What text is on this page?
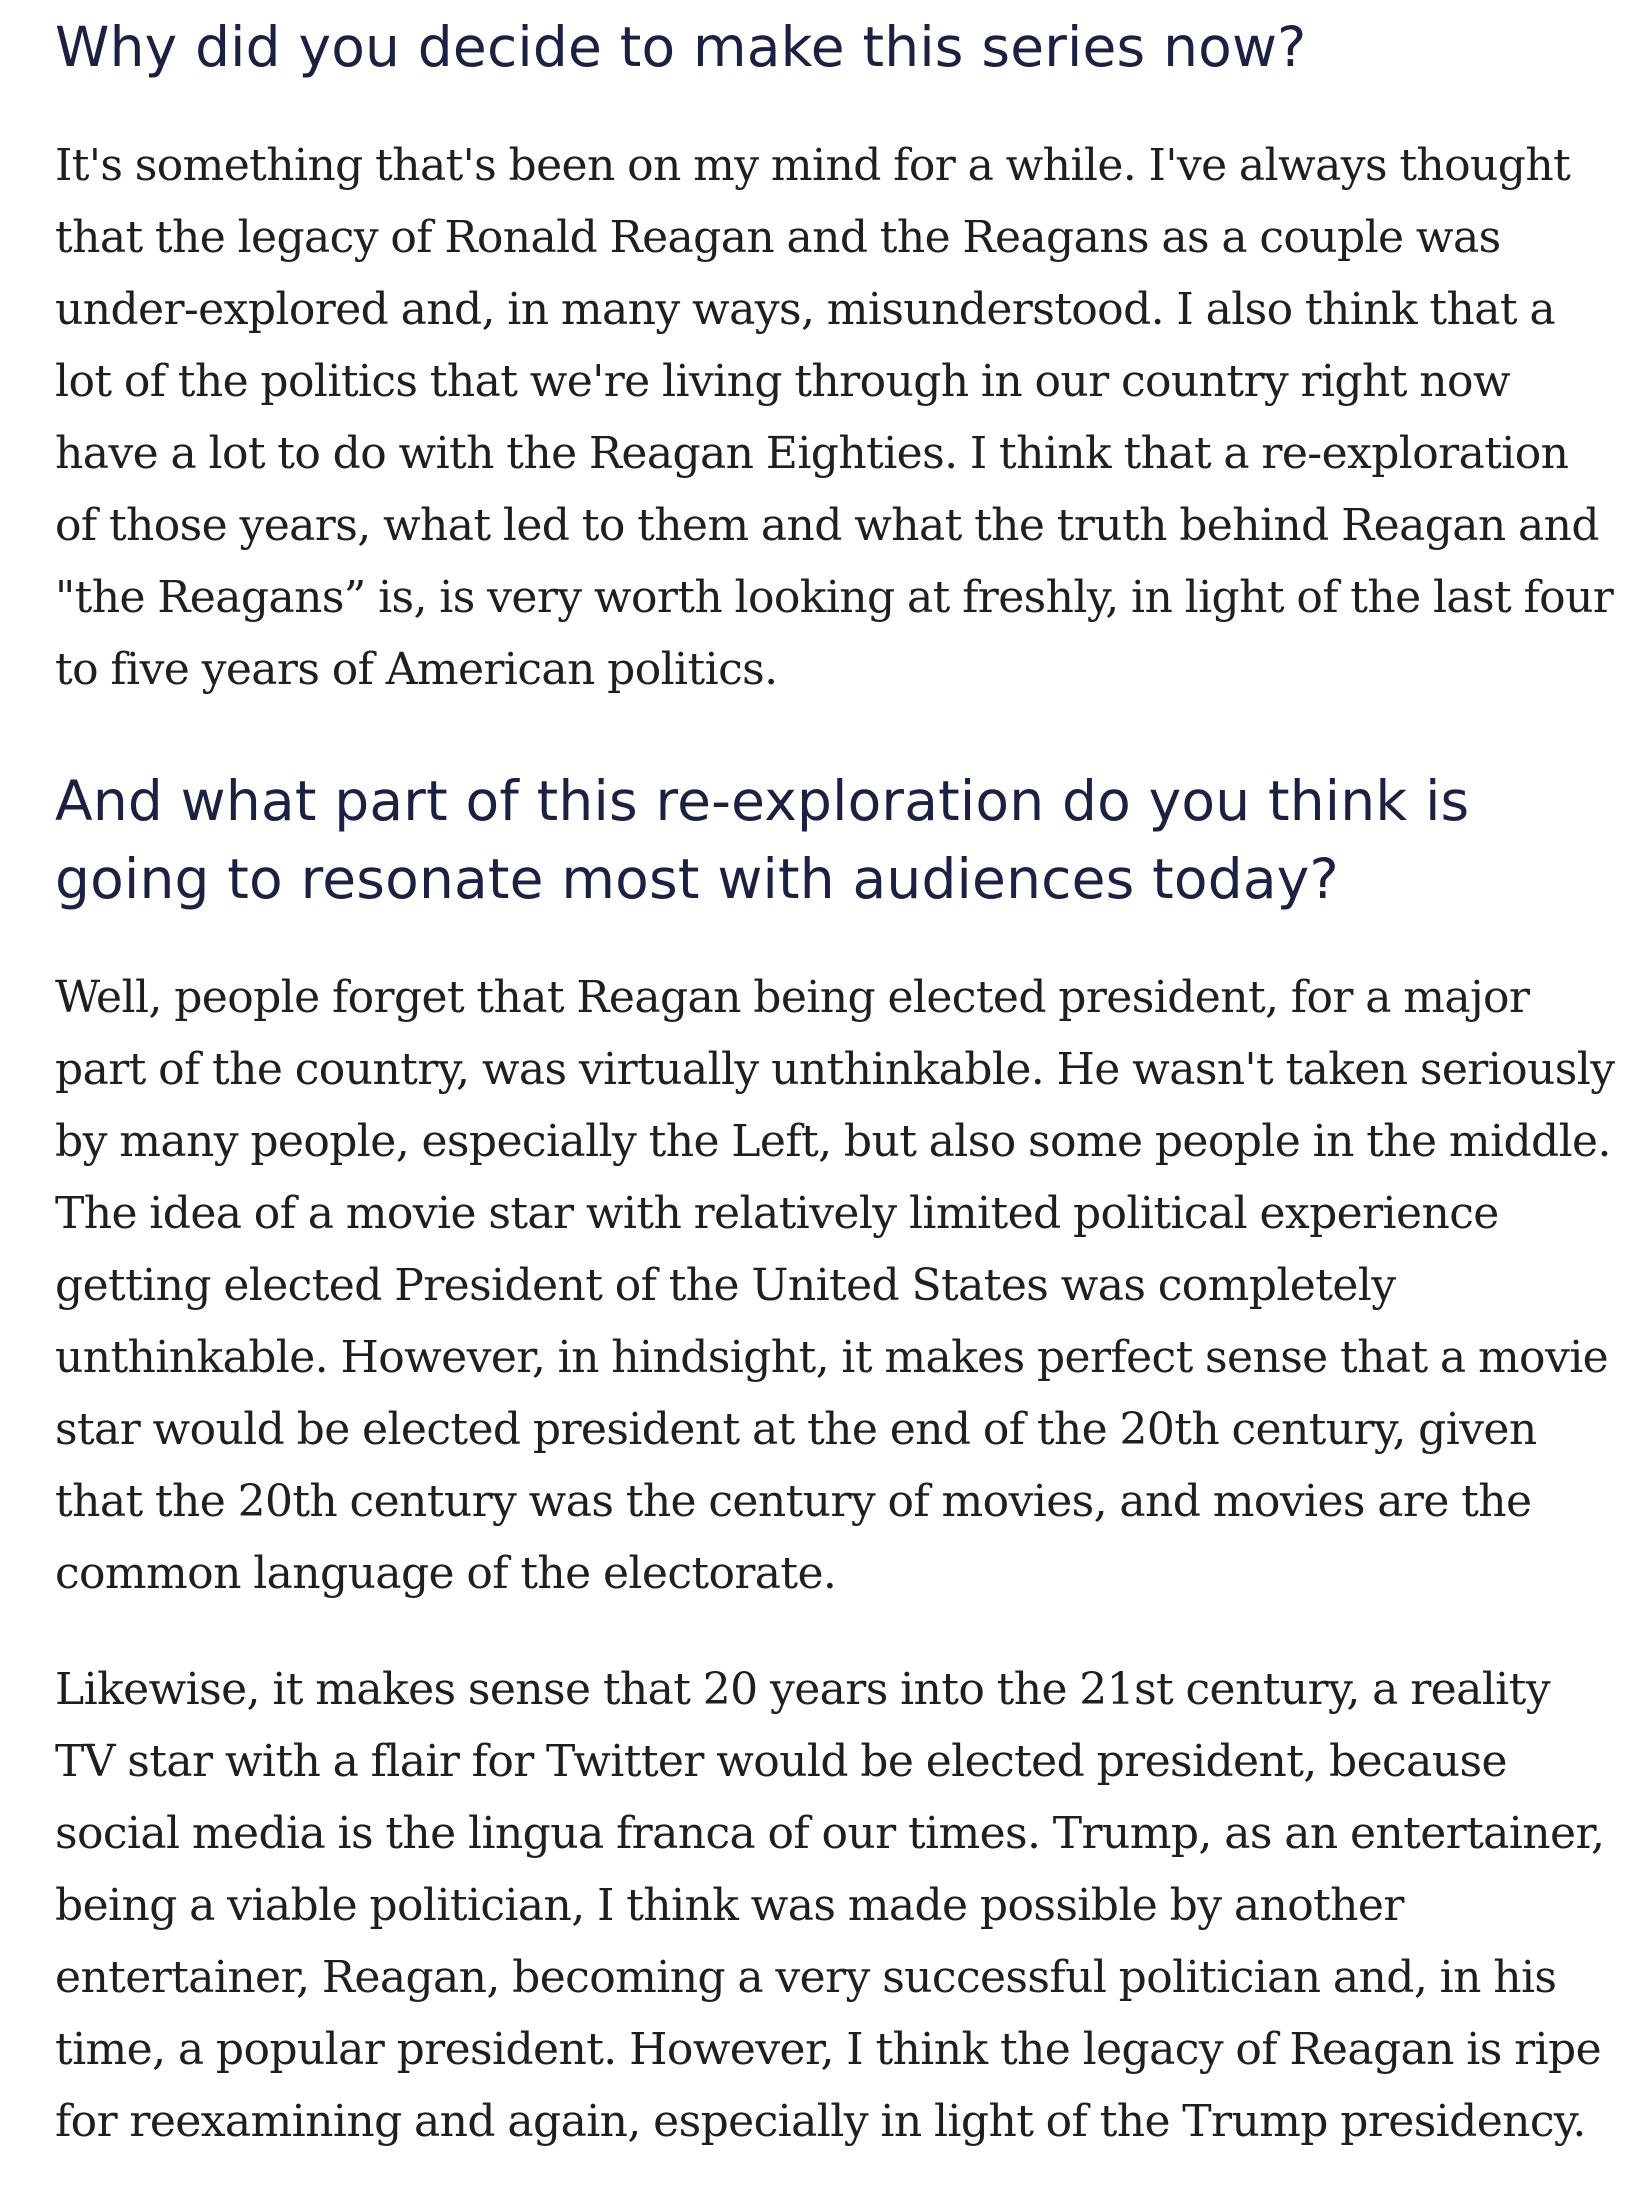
Why did you decide to make this series now?

It's something that's been on my mind for a while. I've always thought that the legacy of Ronald Reagan and the Reagans as a couple was under-explored and, in many ways, misunderstood. I also think that a lot of the politics that we're living through in our country right now have a lot to do with the Reagan Eighties. I think that a re-exploration of those years, what led to them and what the truth behind Reagan and "the Reagans” is, is very worth looking at freshly, in light of the last four to five years of American politics.

And what part of this re-exploration do you think is going to resonate most with audiences today?

Well, people forget that Reagan being elected president, for a major part of the country, was virtually unthinkable. He wasn't taken seriously by many people, especially the Left, but also some people in the middle. The idea of a movie star with relatively limited political experience getting elected President of the United States was completely unthinkable. However, in hindsight, it makes perfect sense that a movie star would be elected president at the end of the 20th century, given that the 20th century was the century of movies, and movies are the common language of the electorate.

Likewise, it makes sense that 20 years into the 21st century, a reality TV star with a flair for Twitter would be elected president, because social media is the lingua franca of our times. Trump, as an entertainer, being a viable politician, I think was made possible by another entertainer, Reagan, becoming a very successful politician and, in his time, a popular president. However, I think the legacy of Reagan is ripe for reexamining and again, especially in light of the Trump presidency.
